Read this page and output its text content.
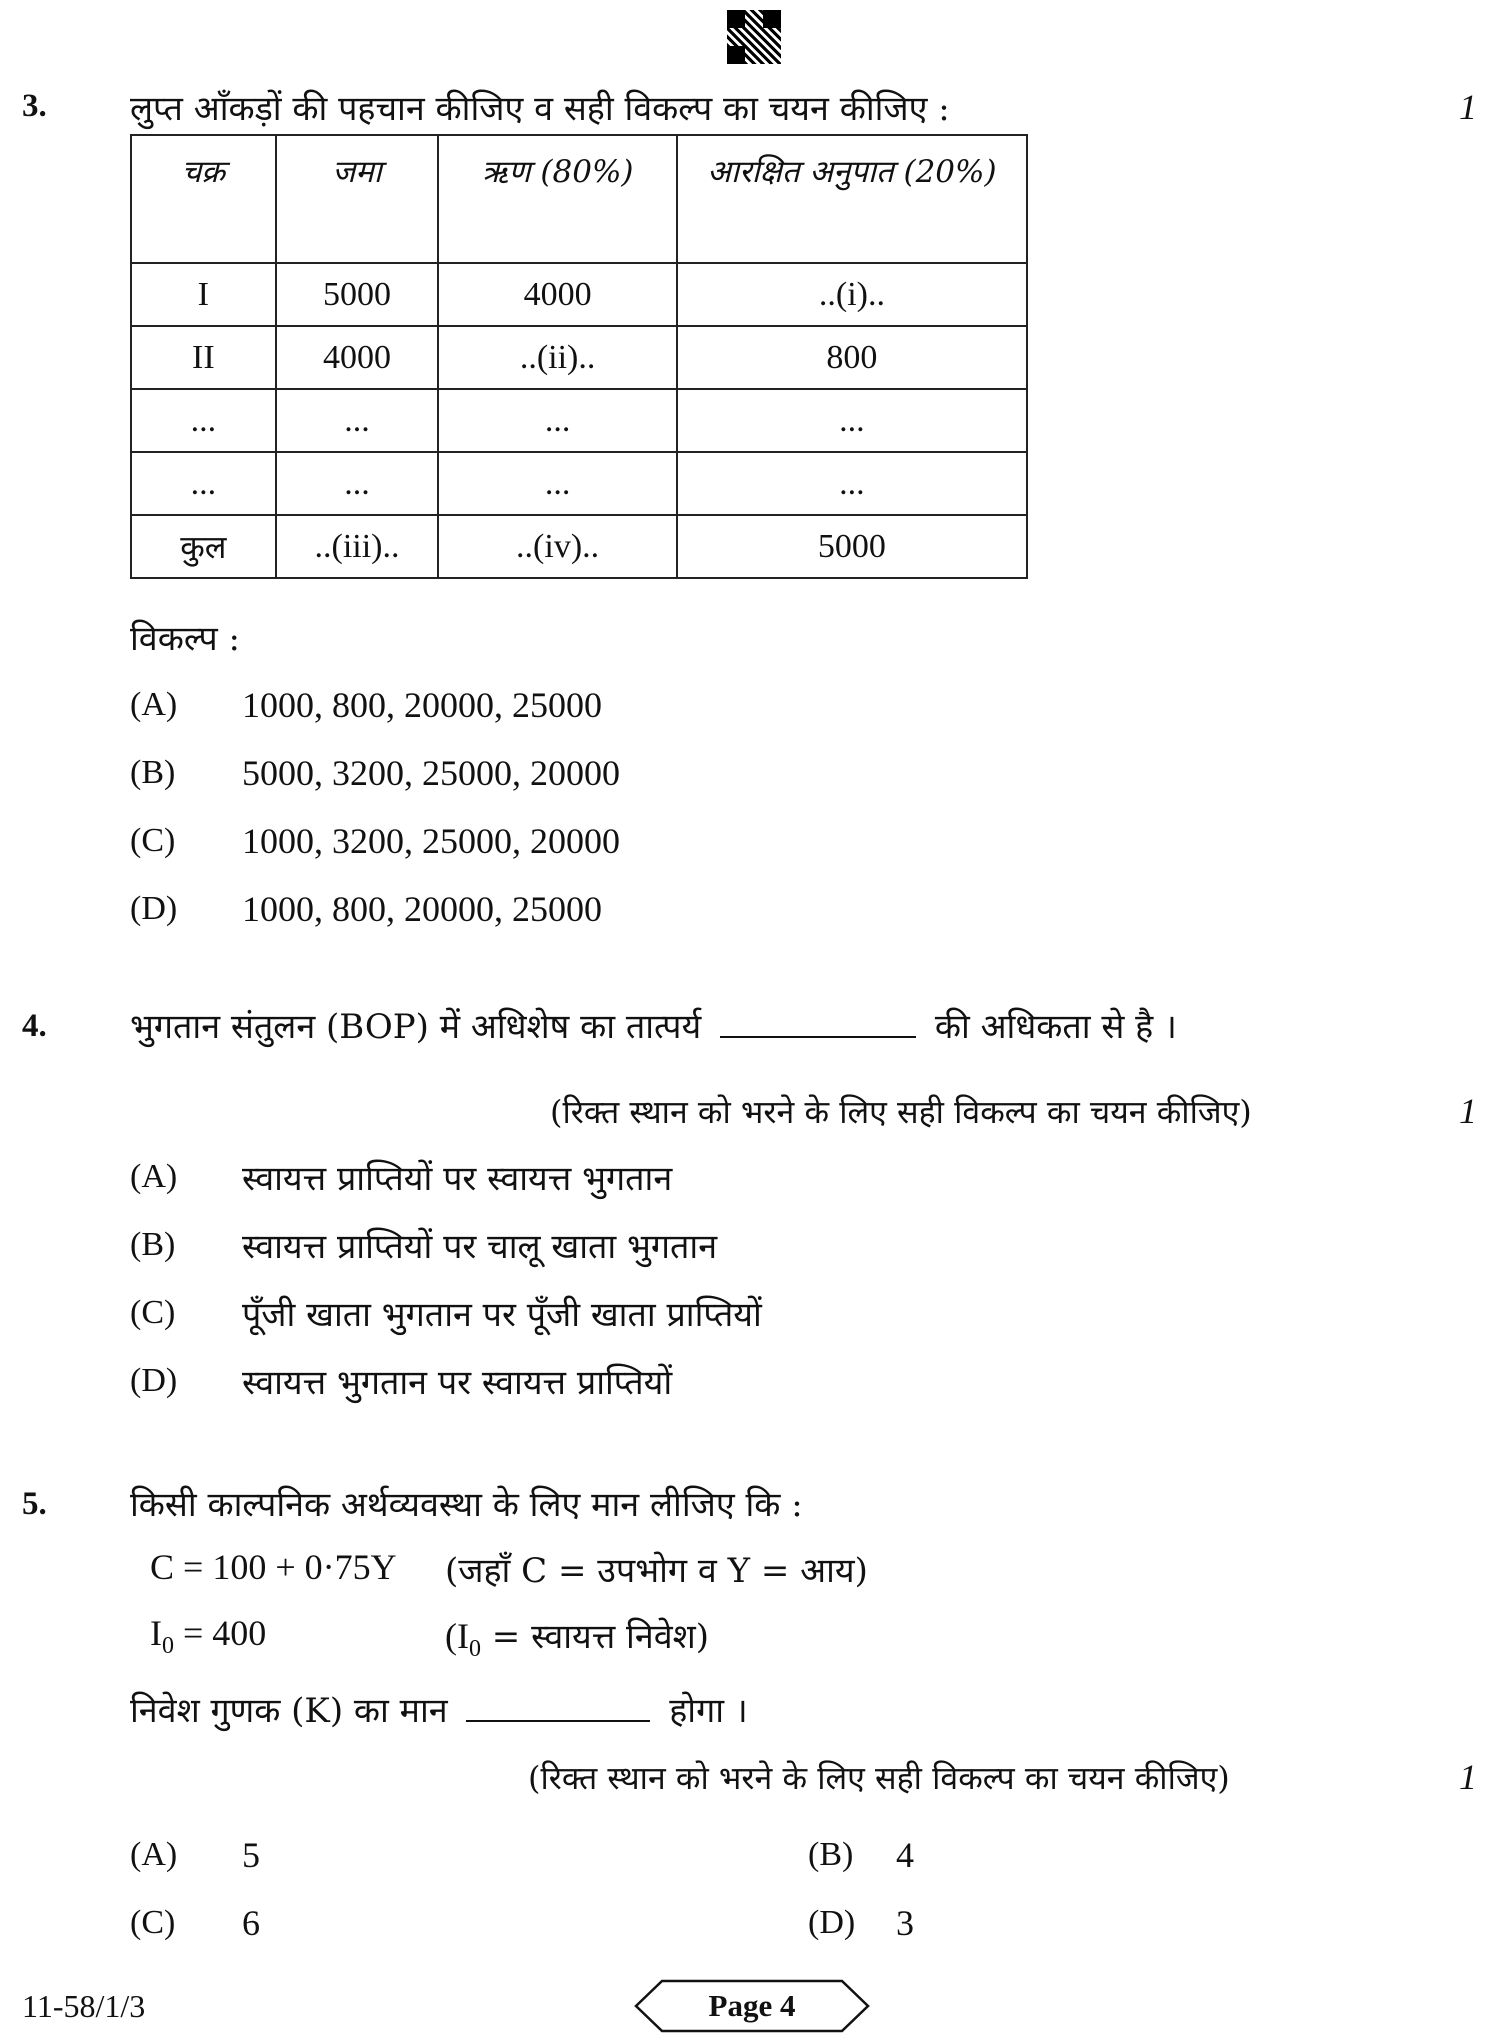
3. लुप्त आँकड़ों की पहचान कीजिए व सही विकल्प का चयन कीजिए :	1
चक्र	जमा	ऋण (80%)	आरक्षित अनुपात (20%)
I	5000	4000	..(i)..
II	4000	..(ii)..	800
...	...	...	...
...	...	...	...
कुल	..(iii)..	..(iv)..	5000
विकल्प :
(A) 1000, 800, 20000, 25000
(B) 5000, 3200, 25000, 20000
(C) 1000, 3200, 25000, 20000
(D) 1000, 800, 20000, 25000
4. भुगतान संतुलन (BOP) में अधिशेष का तात्पर्य	की अधिकता से है ।
(रिक्त स्थान को भरने के लिए सही विकल्प का चयन कीजिए)	1
(A) स्वायत्त प्राप्तियों पर स्वायत्त भुगतान
(B) स्वायत्त प्राप्तियों पर चालू खाता भुगतान
(C) पूँजी खाता भुगतान पर पूँजी खाता प्राप्तियों
(D) स्वायत्त भुगतान पर स्वायत्त प्राप्तियों
5. किसी काल्पनिक अर्थव्यवस्था के लिए मान लीजिए कि :
C = 100 + 0·75Y (जहाँ C = उपभोग व Y = आय)
$I_0 = 400$	($I_0$ = स्वायत्त निवेश)
निवेश गुणक (K) का मान	होगा ।
(रिक्त स्थान को भरने के लिए सही विकल्प का चयन कीजिए)	1
(A) 5	(B) 4
(C) 6	(D) 3
11-58/1/3	Page 4
